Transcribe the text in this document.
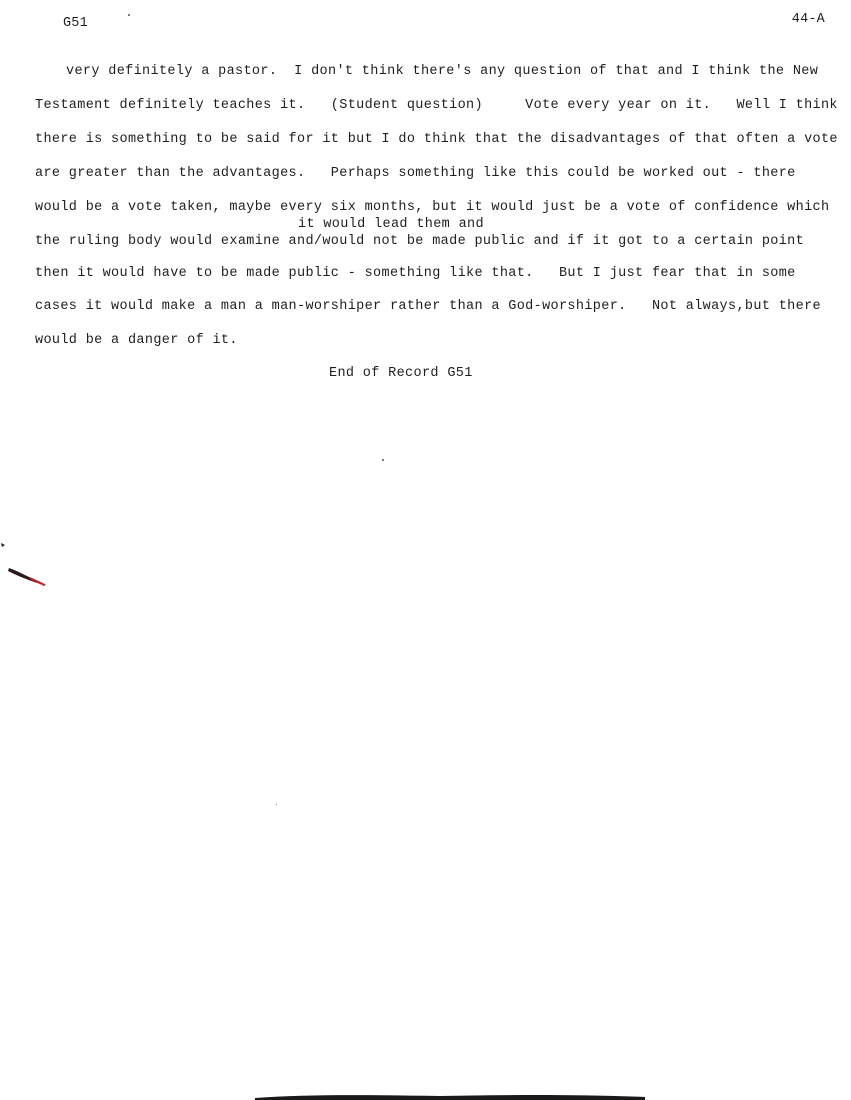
G51	44-A
very definitely a pastor.  I don't think there's any question of that and I think the New
Testament definitely teaches it.   (Student question)     Vote every year on it.   Well I think
there is something to be said for it but I do think that the disadvantages of that often a vote
are greater than the advantages.   Perhaps something like this could be worked out - there
would be a vote taken, maybe every six months, but it would just be a vote of confidence which
it would lead them and
the ruling body would examine and/would not be made public and if it got to a certain point
then it would have to be made public - something like that.   But I just fear that in some
cases it would make a man a man-worshiper rather than a God-worshiper.   Not always,but there
would be a danger of it.
End of Record G51
